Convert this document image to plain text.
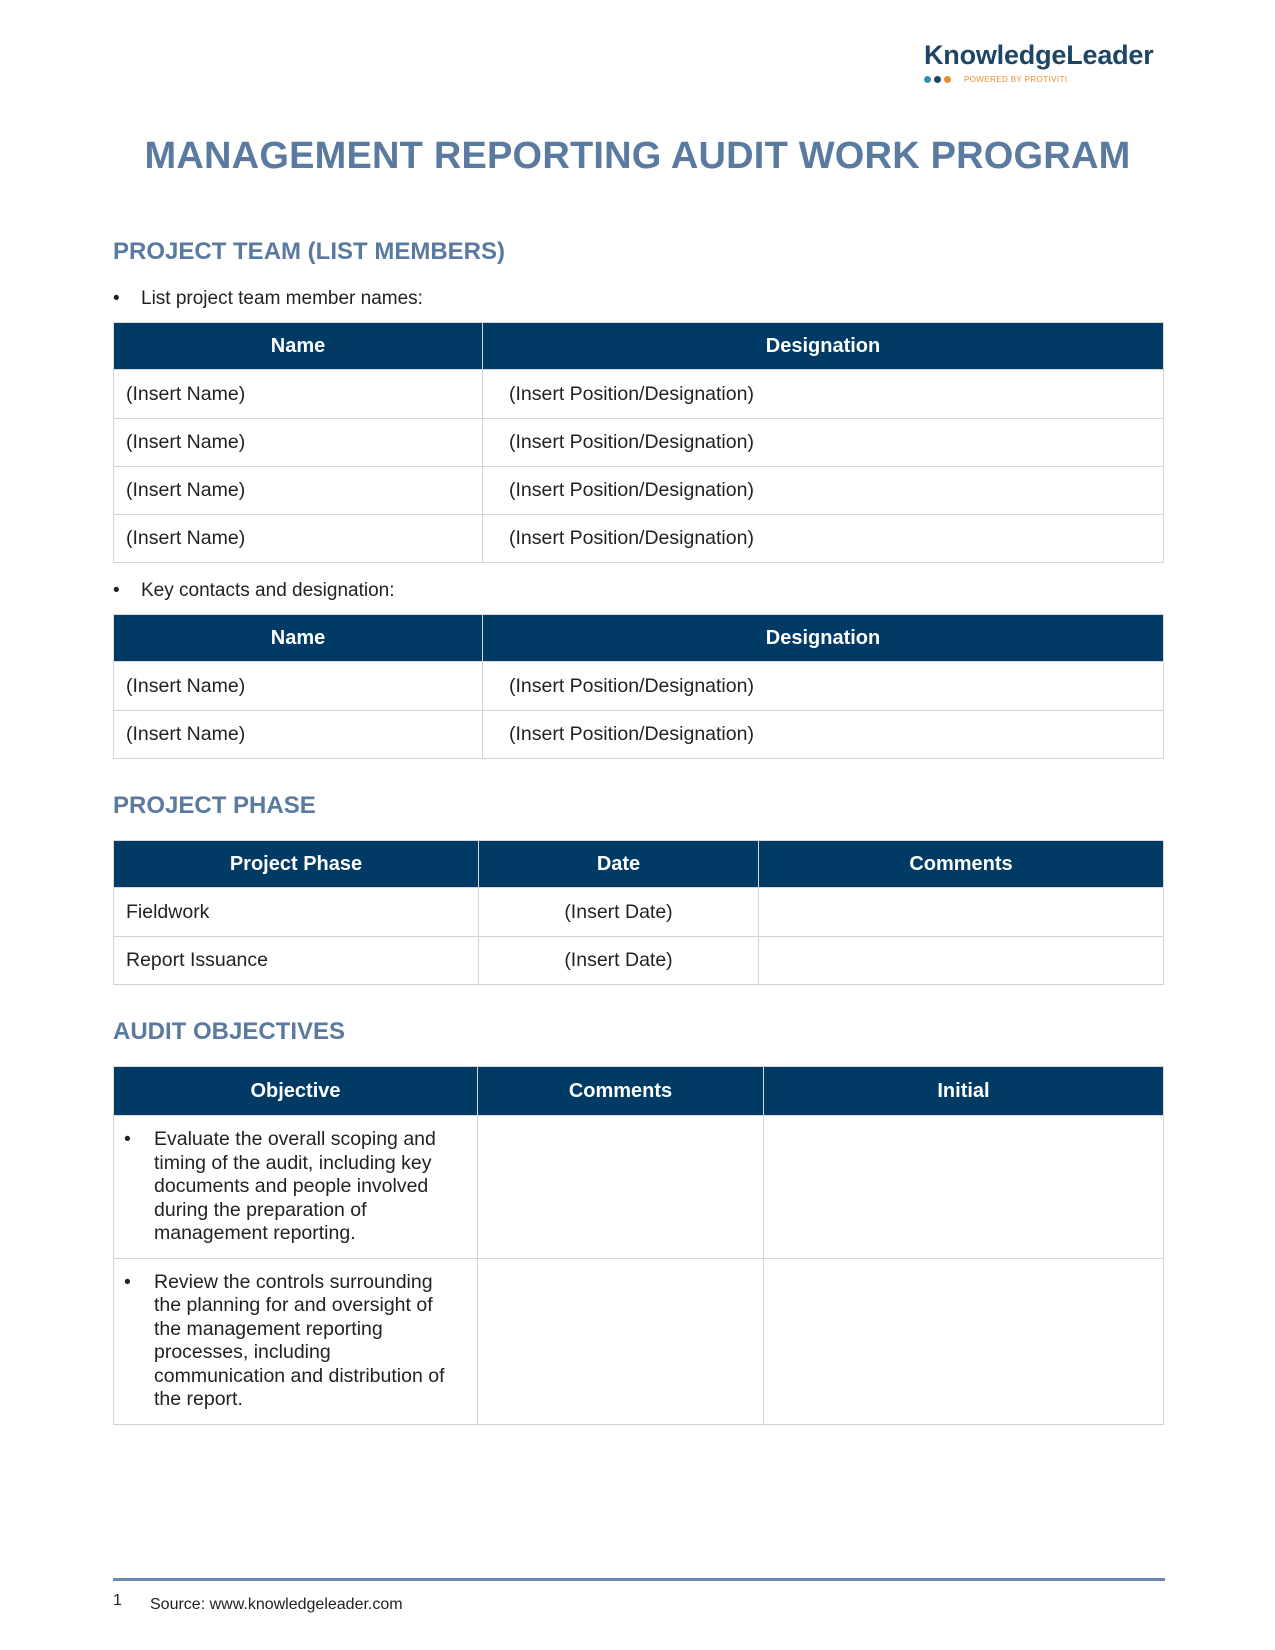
KnowledgeLeader
POWERED BY PROTIVITI
MANAGEMENT REPORTING AUDIT WORK PROGRAM
PROJECT TEAM (LIST MEMBERS)
•	List project team member names:
Name	Designation
(Insert Name)	(Insert Position/Designation)
(Insert Name)	(Insert Position/Designation)
(Insert Name)	(Insert Position/Designation)
(Insert Name)	(Insert Position/Designation)
•	Key contacts and designation:
Name	Designation
(Insert Name)	(Insert Position/Designation)
(Insert Name)	(Insert Position/Designation)
PROJECT PHASE
Project Phase	Date	Comments
Fieldwork	(Insert Date)	
Report Issuance	(Insert Date)	
AUDIT OBJECTIVES
Objective	Comments	Initial

• Evaluate the overall scoping and timing of the audit, including key documents and people involved during the preparation of management reporting.		

• Review the controls surrounding the planning for and oversight of the management reporting processes, including communication and distribution of the report.		

1 Source: www.knowledgeleader.com
